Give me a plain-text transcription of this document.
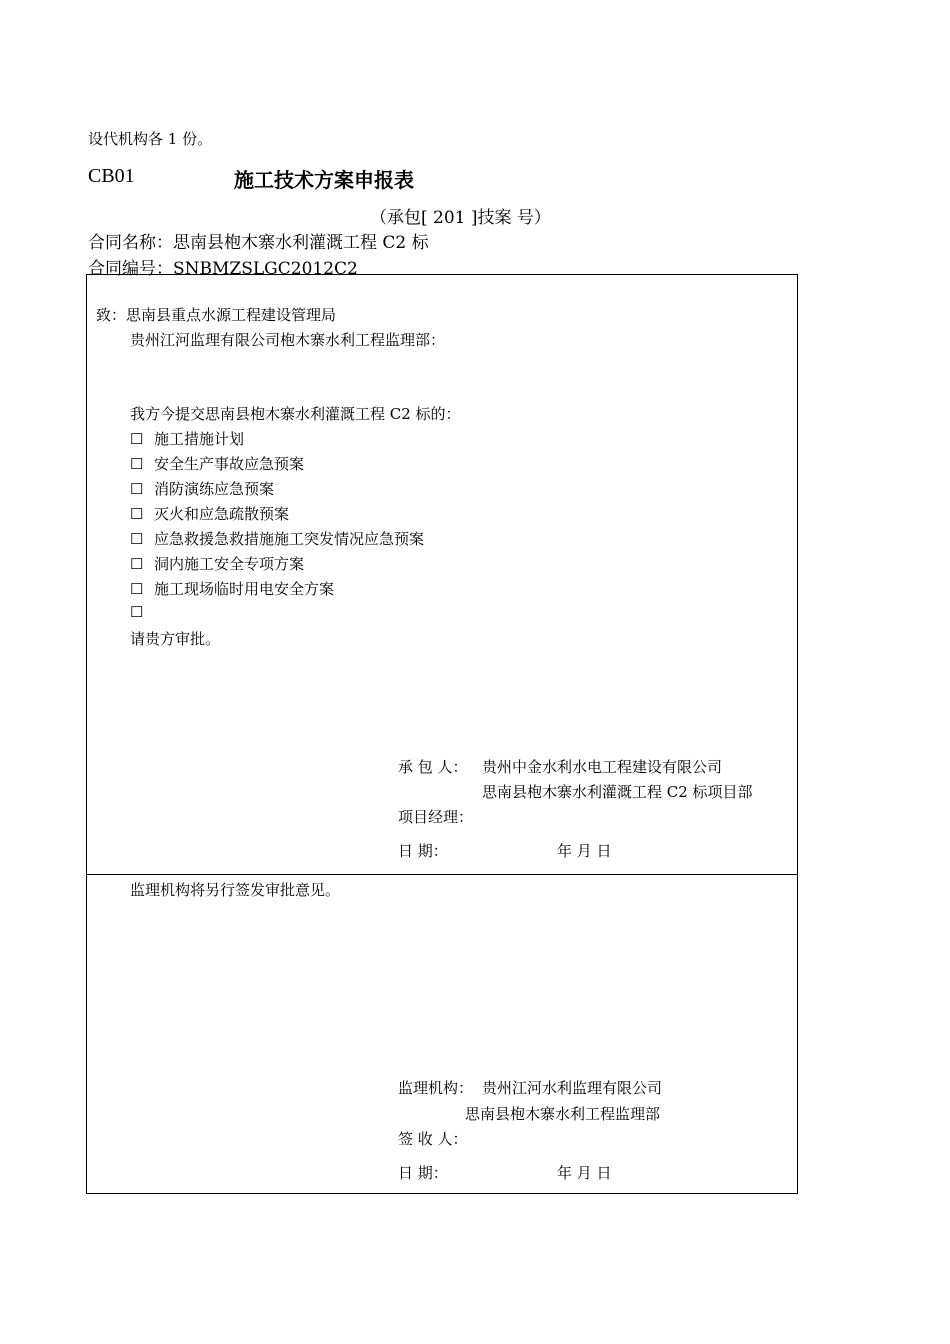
设代机构各 1 份。
CB01	施工技术方案申报表
（承包[ 201 ]技案 号）
合同名称：思南县枹木寨水利灌溉工程 C2 标
合同编号：SNBMZSLGC2012C2
致：思南县重点水源工程建设管理局
贵州江河监理有限公司枹木寨水利工程监理部：
我方今提交思南县枹木寨水利灌溉工程 C2 标的：
☐ 施工措施计划
☐ 安全生产事故应急预案
☐ 消防演练应急预案
☐ 灭火和应急疏散预案
☐ 应急救援急救措施施工突发情况应急预案
☐ 洞内施工安全专项方案
☐ 施工现场临时用电安全方案
☐
请贵方审批。
承 包 人： 贵州中金水利水电工程建设有限公司
思南县枹木寨水利灌溉工程 C2 标项目部
项目经理：
日 期：	年 月 日
监理机构将另行签发审批意见。
监理机构： 贵州江河水利监理有限公司
思南县枹木寨水利工程监理部
签 收 人：
日 期：	年 月 日
